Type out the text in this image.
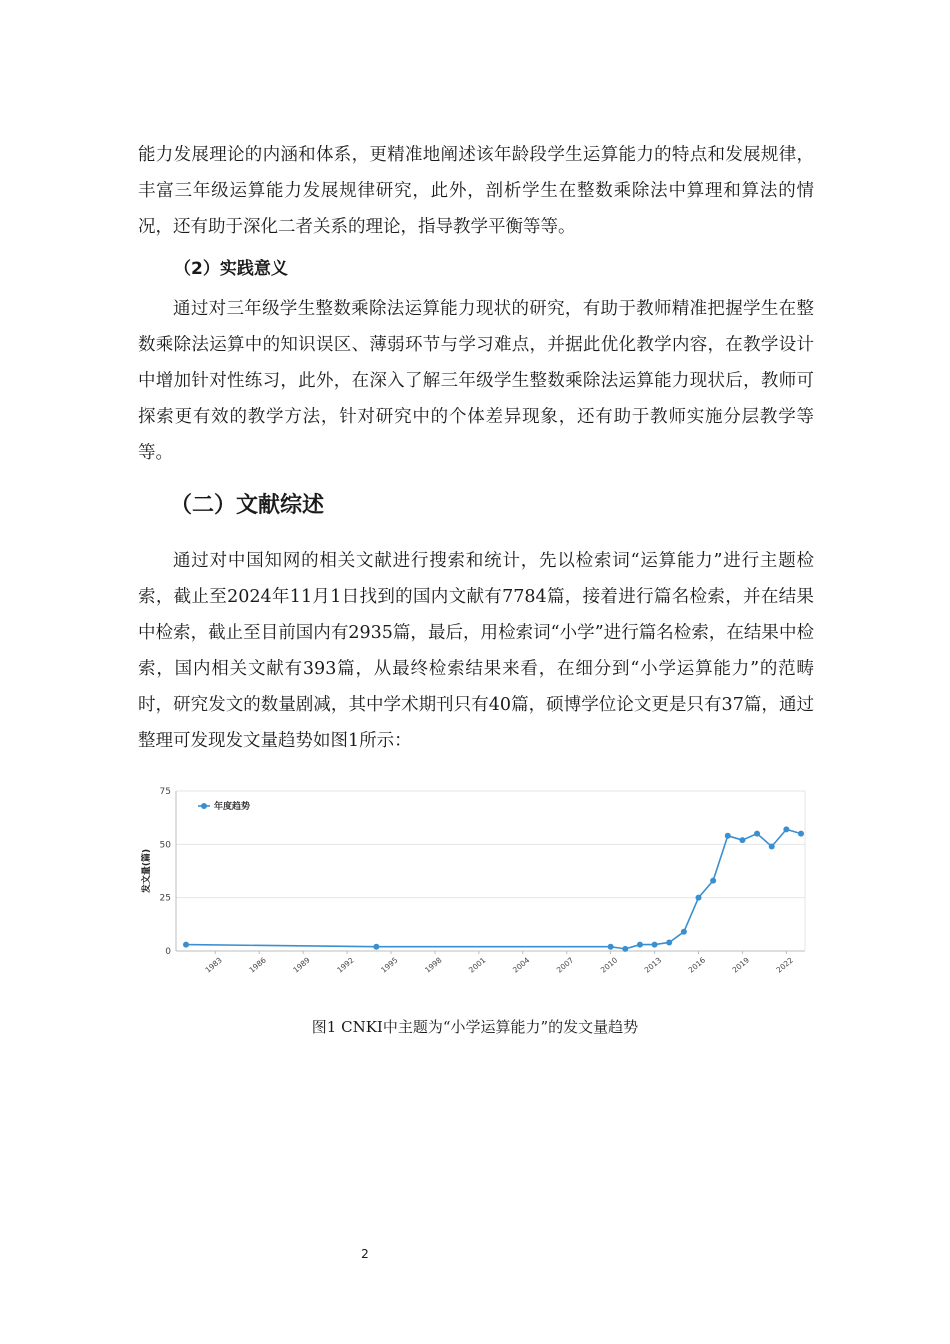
能力发展理论的内涵和体系，更精准地阐述该年龄段学生运算能力的特点和发展规律，丰富三年级运算能力发展规律研究，此外，剖析学生在整数乘除法中算理和算法的情况，还有助于深化二者关系的理论，指导教学平衡等等。

（2）实践意义

通过对三年级学生整数乘除法运算能力现状的研究，有助于教师精准把握学生在整数乘除法运算中的知识误区、薄弱环节与学习难点，并据此优化教学内容，在教学设计中增加针对性练习，此外，在深入了解三年级学生整数乘除法运算能力现状后，教师可探索更有效的教学方法，针对研究中的个体差异现象，还有助于教师实施分层教学等等。

（二）文献综述

通过对中国知网的相关文献进行搜索和统计，先以检索词“运算能力”进行主题检索，截止至2024年11月1日找到的国内文献有7784篇，接着进行篇名检索，并在结果中检索，截止至目前国内有2935篇，最后，用检索词“小学”进行篇名检索，在结果中检索，国内相关文献有393篇，从最终检索结果来看，在细分到“小学运算能力”的范畴时，研究发文的数量剧减，其中学术期刊只有40篇，硕博学位论文更是只有37篇，通过整理可发现发文量趋势如图1所示：

0
25
50
75
发文量(篇)
1983	1986	1989	1992	1995	1998	2001	2004	2007	2010	2013	2016	2019	2022
年度趋势
图1 CNKI中主题为“小学运算能力”的发文量趋势
2
